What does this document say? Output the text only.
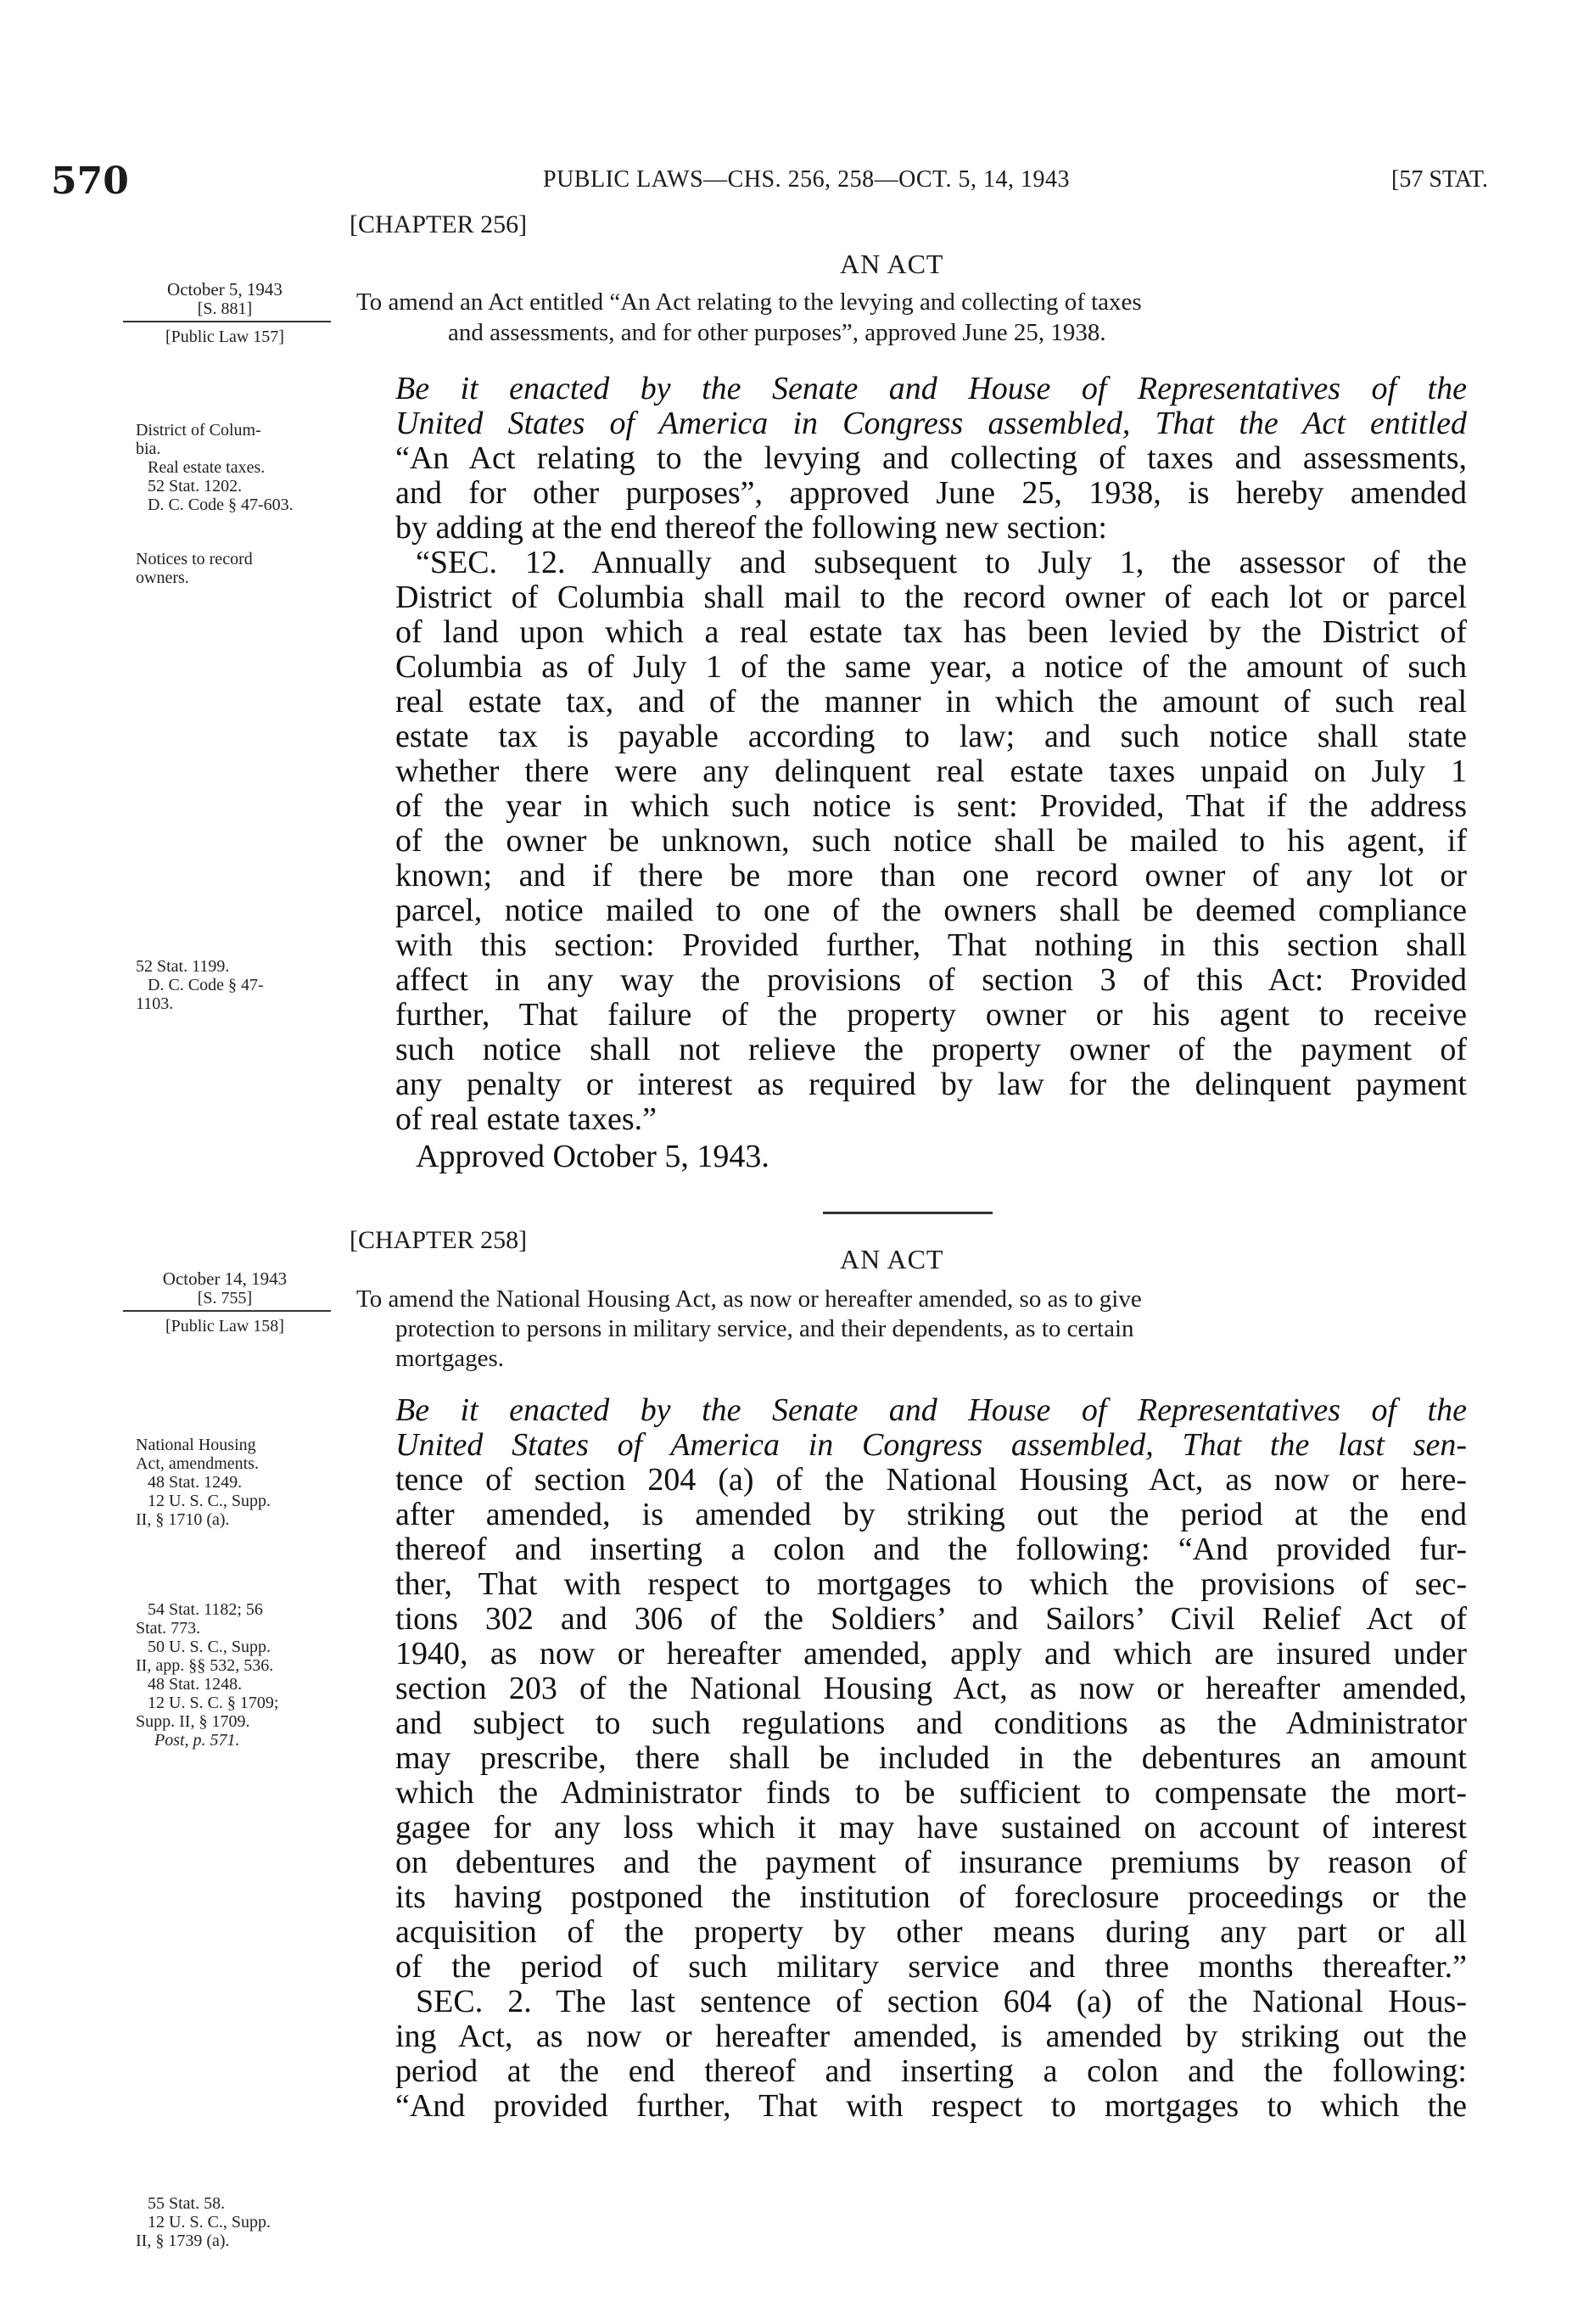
570	PUBLIC LAWS—CHS. 256, 258—OCT. 5, 14, 1943	[57 STAT.
[CHAPTER 256]
AN ACT
To amend an Act entitled “An Act relating to the levying and collecting of taxes
and assessments, and for other purposes”, approved June 25, 1938.
October 5, 1943
[S. 881]
[Public Law 157]
District of Colum-
bia.
Real estate taxes.
52 Stat. 1202.
D. C. Code § 47-603.
Notices to record
owners.
52 Stat. 1199.
D. C. Code § 47-
1103.
Be it enacted by the Senate and House of Representatives of the
United States of America in Congress assembled, That the Act entitled
“An Act relating to the levying and collecting of taxes and assessments,
and for other purposes”, approved June 25, 1938, is hereby amended
by adding at the end thereof the following new section:
“SEC. 12. Annually and subsequent to July 1, the assessor of the
District of Columbia shall mail to the record owner of each lot or parcel
of land upon which a real estate tax has been levied by the District of
Columbia as of July 1 of the same year, a notice of the amount of such
real estate tax, and of the manner in which the amount of such real
estate tax is payable according to law; and such notice shall state
whether there were any delinquent real estate taxes unpaid on July 1
of the year in which such notice is sent: Provided, That if the address
of the owner be unknown, such notice shall be mailed to his agent, if
known; and if there be more than one record owner of any lot or
parcel, notice mailed to one of the owners shall be deemed compliance
with this section: Provided further, That nothing in this section shall
affect in any way the provisions of section 3 of this Act: Provided
further, That failure of the property owner or his agent to receive
such notice shall not relieve the property owner of the payment of
any penalty or interest as required by law for the delinquent payment
of real estate taxes.”
Approved October 5, 1943.
[CHAPTER 258]
AN ACT
To amend the National Housing Act, as now or hereafter amended, so as to give
protection to persons in military service, and their dependents, as to certain
mortgages.
October 14, 1943
[S. 755]
[Public Law 158]
National Housing
Act, amendments.
48 Stat. 1249.
12 U. S. C., Supp.
II, § 1710 (a).
54 Stat. 1182; 56
Stat. 773.
50 U. S. C., Supp.
II, app. §§ 532, 536.
48 Stat. 1248.
12 U. S. C. § 1709;
Supp. II, § 1709.
Post, p. 571.
55 Stat. 58.
12 U. S. C., Supp.
II, § 1739 (a).
Be it enacted by the Senate and House of Representatives of the
United States of America in Congress assembled, That the last sen-
tence of section 204 (a) of the National Housing Act, as now or here-
after amended, is amended by striking out the period at the end
thereof and inserting a colon and the following: “And provided fur-
ther, That with respect to mortgages to which the provisions of sec-
tions 302 and 306 of the Soldiers’ and Sailors’ Civil Relief Act of
1940, as now or hereafter amended, apply and which are insured under
section 203 of the National Housing Act, as now or hereafter amended,
and subject to such regulations and conditions as the Administrator
may prescribe, there shall be included in the debentures an amount
which the Administrator finds to be sufficient to compensate the mort-
gagee for any loss which it may have sustained on account of interest
on debentures and the payment of insurance premiums by reason of
its having postponed the institution of foreclosure proceedings or the
acquisition of the property by other means during any part or all
of the period of such military service and three months thereafter.”
SEC. 2. The last sentence of section 604 (a) of the National Hous-
ing Act, as now or hereafter amended, is amended by striking out the
period at the end thereof and inserting a colon and the following:
“And provided further, That with respect to mortgages to which the
